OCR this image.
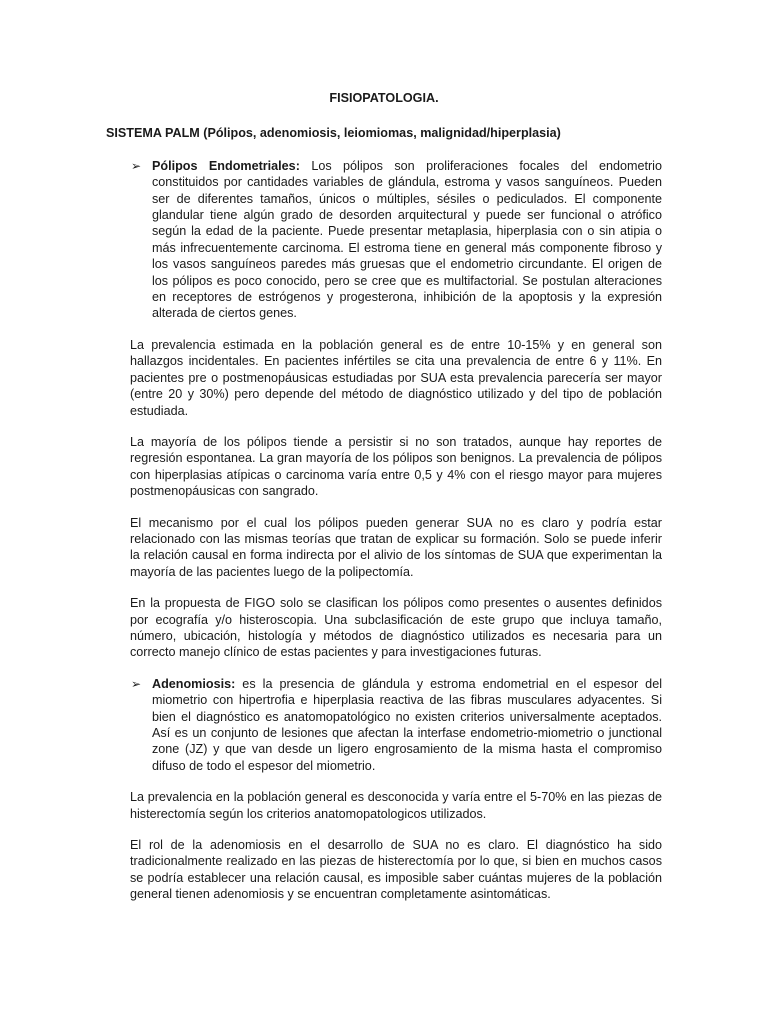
FISIOPATOLOGIA.
SISTEMA PALM (Pólipos, adenomiosis, leiomiomas, malignidad/hiperplasia)
➢ Pólipos Endometriales: Los pólipos son proliferaciones focales del endometrio constituidos por cantidades variables de glándula, estroma y vasos sanguíneos. Pueden ser de diferentes tamaños, únicos o múltiples, sésiles o pediculados. El componente glandular tiene algún grado de desorden arquitectural y puede ser funcional o atrófico según la edad de la paciente. Puede presentar metaplasia, hiperplasia con o sin atipia o más infrecuentemente carcinoma. El estroma tiene en general más componente fibroso y los vasos sanguíneos paredes más gruesas que el endometrio circundante. El origen de los pólipos es poco conocido, pero se cree que es multifactorial. Se postulan alteraciones en receptores de estrógenos y progesterona, inhibición de la apoptosis y la expresión alterada de ciertos genes.

La prevalencia estimada en la población general es de entre 10-15% y en general son hallazgos incidentales. En pacientes infértiles se cita una prevalencia de entre 6 y 11%. En pacientes pre o postmenopáusicas estudiadas por SUA esta prevalencia parecería ser mayor (entre 20 y 30%) pero depende del método de diagnóstico utilizado y del tipo de población estudiada.

La mayoría de los pólipos tiende a persistir si no son tratados, aunque hay reportes de regresión espontanea. La gran mayoría de los pólipos son benignos. La prevalencia de pólipos con hiperplasias atípicas o carcinoma varía entre 0,5 y 4% con el riesgo mayor para mujeres postmenopáusicas con sangrado.

El mecanismo por el cual los pólipos pueden generar SUA no es claro y podría estar relacionado con las mismas teorías que tratan de explicar su formación. Solo se puede inferir la relación causal en forma indirecta por el alivio de los síntomas de SUA que experimentan la mayoría de las pacientes luego de la polipectomía.

En la propuesta de FIGO solo se clasifican los pólipos como presentes o ausentes definidos por ecografía y/o histeroscopia. Una subclasificación de este grupo que incluya tamaño, número, ubicación, histología y métodos de diagnóstico utilizados es necesaria para un correcto manejo clínico de estas pacientes y para investigaciones futuras.

➢ Adenomiosis: es la presencia de glándula y estroma endometrial en el espesor del miometrio con hipertrofia e hiperplasia reactiva de las fibras musculares adyacentes. Si bien el diagnóstico es anatomopatológico no existen criterios universalmente aceptados. Así es un conjunto de lesiones que afectan la interfase endometrio-miometrio o junctional zone (JZ) y que van desde un ligero engrosamiento de la misma hasta el compromiso difuso de todo el espesor del miometrio.

La prevalencia en la población general es desconocida y varía entre el 5-70% en las piezas de histerectomía según los criterios anatomopatologicos utilizados.

El rol de la adenomiosis en el desarrollo de SUA no es claro. El diagnóstico ha sido tradicionalmente realizado en las piezas de histerectomía por lo que, si bien en muchos casos se podría establecer una relación causal, es imposible saber cuántas mujeres de la población general tienen adenomiosis y se encuentran completamente asintomáticas.
